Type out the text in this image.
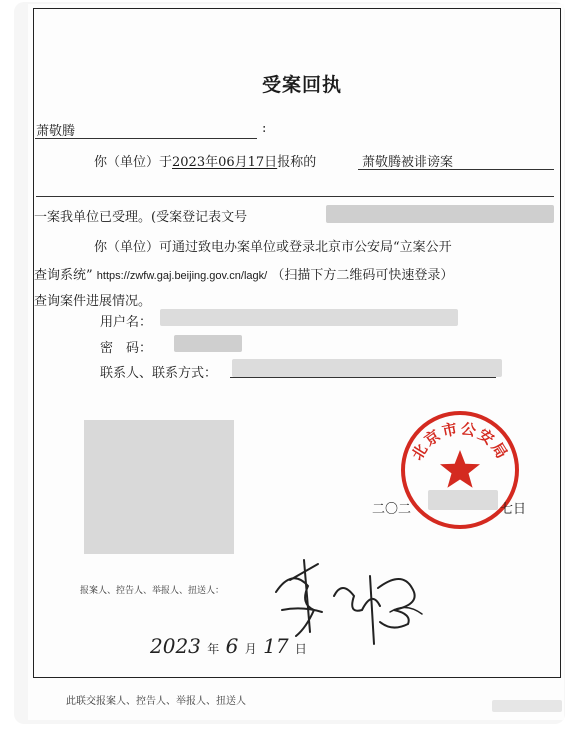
受案回执
萧敬腾	:
你（单位）于2023年06月17日报称的	萧敬腾被诽谤案
一案我单位已受理。(受案登记表文号
你（单位）可通过致电办案单位或登录北京市公安局“立案公开
查询系统” https://zwfw.gaj.beijing.gov.cn/lagk/ （扫描下方二维码可快速登录）
查询案件进展情况。
用户名：
密　码：
联系人、联系方式：
北京市公安局
二〇二	七日
报案人、控告人、举报人、扭送人：
2023 年 6 月 17 日
此联交报案人、控告人、举报人、扭送人
